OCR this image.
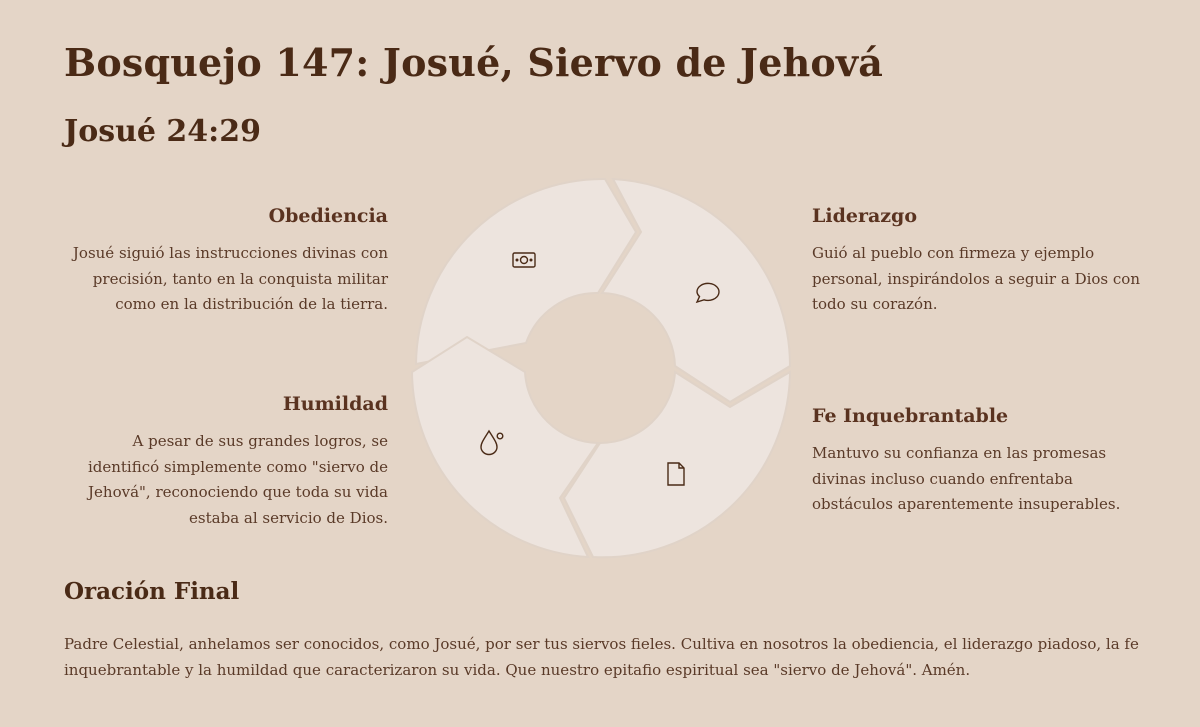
Bosquejo 147: Josué, Siervo de Jehová
Josué 24:29
Obediencia

Josué siguió las instrucciones divinas con precisión, tanto en la conquista militar como en la distribución de la tierra.

Humildad

A pesar de sus grandes logros, se identificó simplemente como "siervo de Jehová", reconociendo que toda su vida estaba al servicio de Dios.

Liderazgo

Guió al pueblo con firmeza y ejemplo personal, inspirándolos a seguir a Dios con todo su corazón.

Fe Inquebrantable

Mantuvo su confianza en las promesas divinas incluso cuando enfrentaba obstáculos aparentemente insuperables.

Oración Final

Padre Celestial, anhelamos ser conocidos, como Josué, por ser tus siervos fieles. Cultiva en nosotros la obediencia, el liderazgo piadoso, la fe inquebrantable y la humildad que caracterizaron su vida. Que nuestro epitafio espiritual sea "siervo de Jehová". Amén.
